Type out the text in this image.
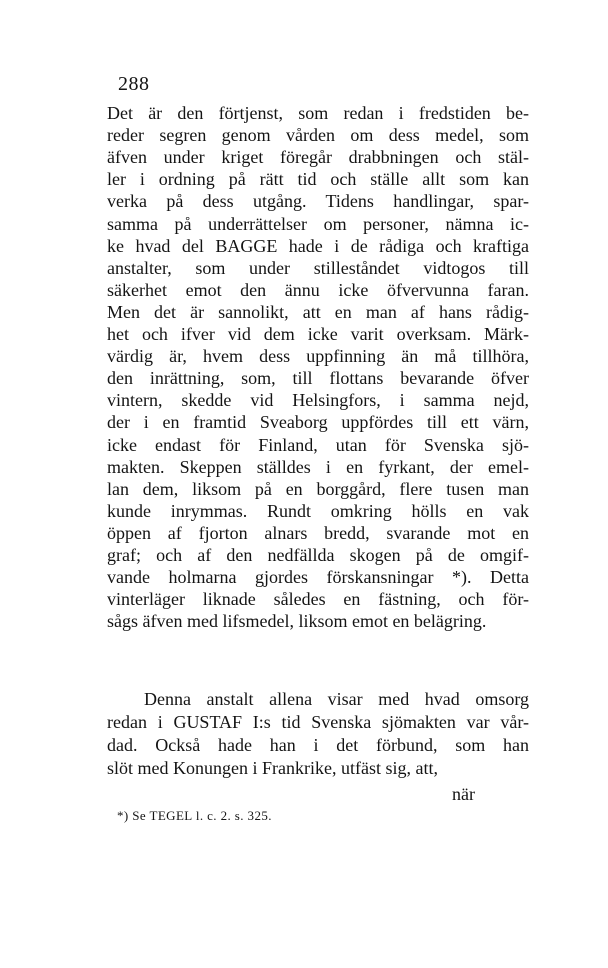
288
Det är den förtjenst, som redan i fredstiden be-
reder segren genom vården om dess medel, som
äfven under kriget föregår drabbningen och stäl-
ler i ordning på rätt tid och ställe allt som kan
verka på dess utgång. Tidens handlingar, spar-
samma på underrättelser om personer, nämna ic-
ke hvad del BAGGE hade i de rådiga och kraftiga
anstalter, som under stilleståndet vidtogos till
säkerhet emot den ännu icke öfvervunna faran.
Men det är sannolikt, att en man af hans rådig-
het och ifver vid dem icke varit overksam. Märk-
värdig är, hvem dess uppfinning än må tillhöra,
den inrättning, som, till flottans bevarande öfver
vintern, skedde vid Helsingfors, i samma nejd,
der i en framtid Sveaborg uppfördes till ett värn,
icke endast för Finland, utan för Svenska sjö-
makten. Skeppen ställdes i en fyrkant, der emel-
lan dem, liksom på en borggård, flere tusen man
kunde inrymmas. Rundt omkring hölls en vak
öppen af fjorton alnars bredd, svarande mot en
graf; och af den nedfällda skogen på de omgif-
vande holmarna gjordes förskansningar *). Detta
vinterläger liknade således en fästning, och för-
sågs äfven med lifsmedel, liksom emot en belägring.
Denna anstalt allena visar med hvad omsorg
redan i GUSTAF I:s tid Svenska sjömakten var vår-
dad. Också hade han i det förbund, som han
slöt med Konungen i Frankrike, utfäst sig, att,
när
*) Se TEGEL l. c. 2. s. 325.
